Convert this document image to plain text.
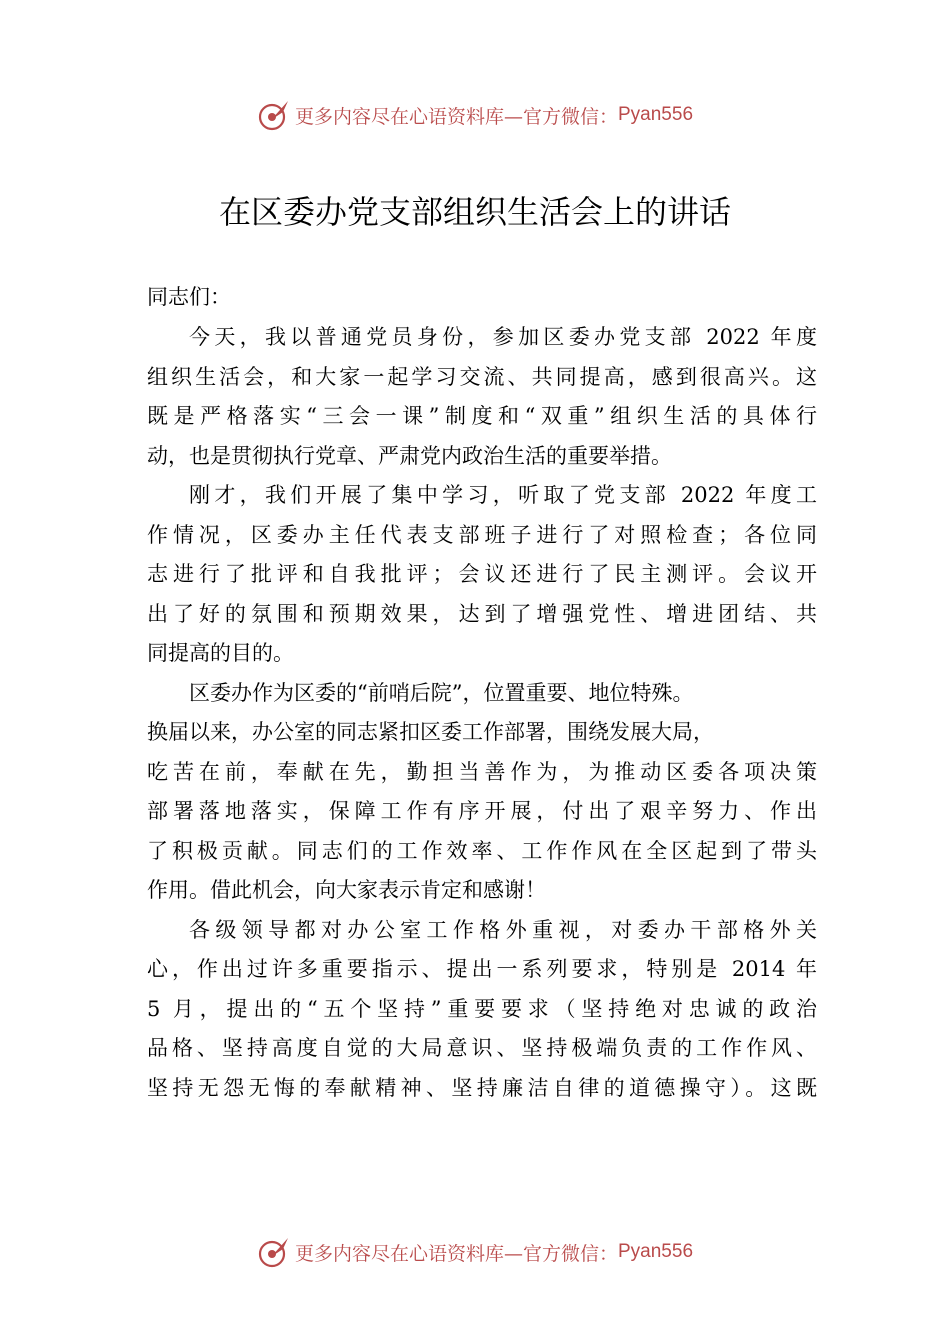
更多内容尽在心语资料库—官方微信： Pyan556
在区委办党支部组织生活会上的讲话
同志们：
今天，我以普通党员身份，参加区委办党支部 2022 年度
组织生活会，和大家一起学习交流、共同提高，感到很高兴。这
既是严格落实“三会一课”制度和“双重”组织生活的具体行
动，也是贯彻执行党章、严肃党内政治生活的重要举措。
刚才，我们开展了集中学习，听取了党支部 2022 年度工
作情况，区委办主任代表支部班子进行了对照检查；各位同
志进行了批评和自我批评；会议还进行了民主测评。会议开
出了好的氛围和预期效果，达到了增强党性、增进团结、共
同提高的目的。
区委办作为区委的“前哨后院”，位置重要、地位特殊。
换届以来，办公室的同志紧扣区委工作部署，围绕发展大局，
吃苦在前，奉献在先，勤担当善作为，为推动区委各项决策
部署落地落实，保障工作有序开展，付出了艰辛努力、作出
了积极贡献。同志们的工作效率、工作作风在全区起到了带头
作用。借此机会，向大家表示肯定和感谢！
各级领导都对办公室工作格外重视，对委办干部格外关
心，作出过许多重要指示、提出一系列要求，特别是 2014 年
5 月，提出的“五个坚持”重要要求（坚持绝对忠诚的政治
品格、坚持高度自觉的大局意识、坚持极端负责的工作作风、
坚持无怨无悔的奉献精神、坚持廉洁自律的道德操守）。这既
更多内容尽在心语资料库—官方微信： Pyan556
